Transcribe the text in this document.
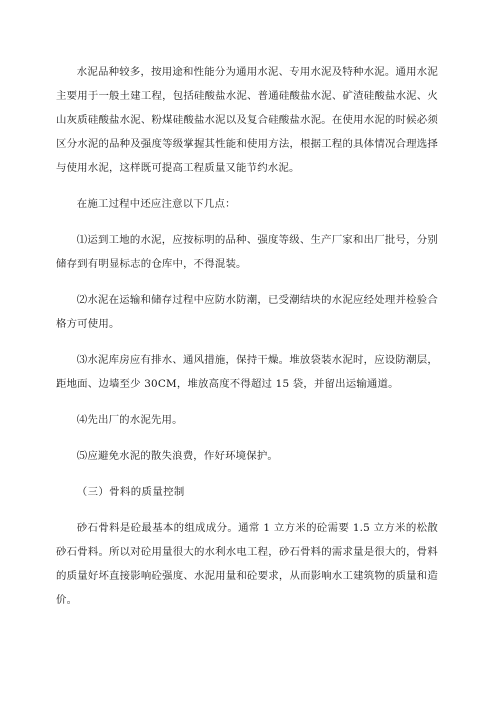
水泥品种较多，按用途和性能分为通用水泥、专用水泥及特种水泥。通用水泥主要用于一般土建工程，包括硅酸盐水泥、普通硅酸盐水泥、矿渣硅酸盐水泥、火山灰质硅酸盐水泥、粉煤硅酸盐水泥以及复合硅酸盐水泥。在使用水泥的时候必须区分水泥的品种及强度等级掌握其性能和使用方法，根据工程的具体情况合理选择与使用水泥，这样既可提高工程质量又能节约水泥。

在施工过程中还应注意以下几点：

⑴运到工地的水泥，应按标明的品种、强度等级、生产厂家和出厂批号，分别储存到有明显标志的仓库中，不得混装。

⑵水泥在运输和储存过程中应防水防潮，已受潮结块的水泥应经处理并检验合格方可使用。

⑶水泥库房应有排水、通风措施，保持干燥。堆放袋装水泥时，应设防潮层，距地面、边墙至少 30CM，堆放高度不得超过 15 袋，并留出运输通道。

⑷先出厂的水泥先用。

⑸应避免水泥的散失浪费，作好环境保护。

（三）骨料的质量控制

砂石骨料是砼最基本的组成成分。通常 1 立方米的砼需要 1.5 立方米的松散砂石骨料。所以对砼用量很大的水利水电工程，砂石骨料的需求量是很大的，骨料的质量好坏直接影响砼强度、水泥用量和砼要求，从而影响水工建筑物的质量和造价。
